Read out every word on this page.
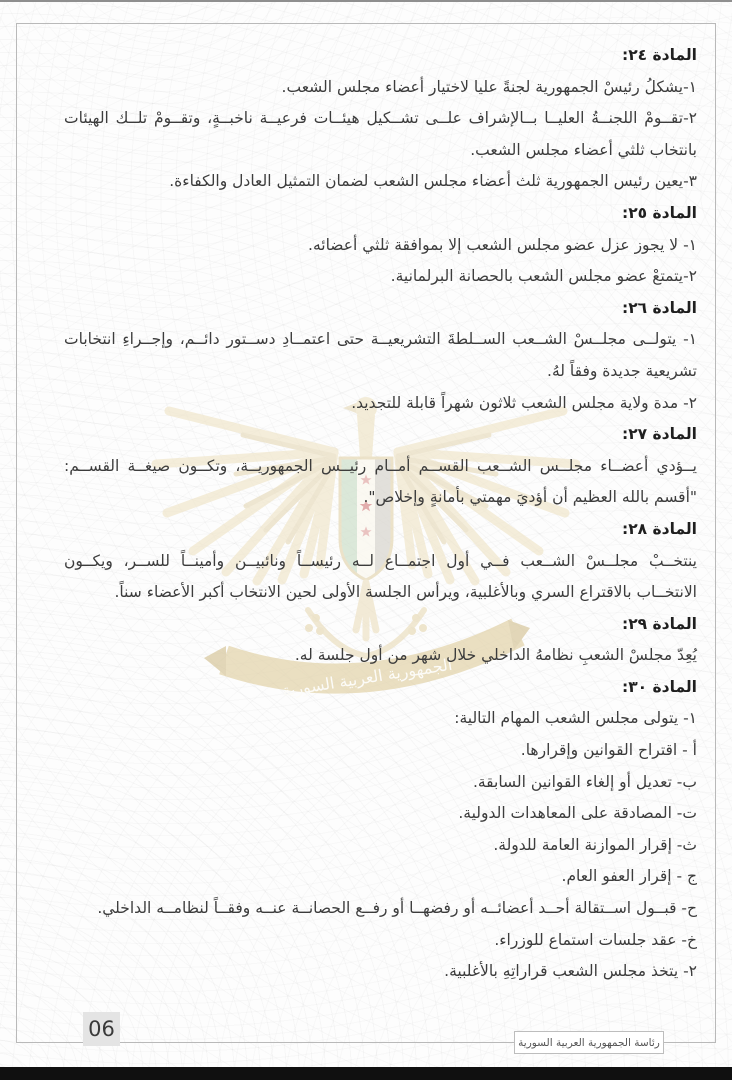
الجمهورية العربية السورية

المادة ٢٤:

١-يشكلُ رئيسْ الجمهورية لجنةً عليا لاختيار أعضاء مجلس الشعب.

٢-تقــومْ اللجنــةُ العليــا بــالإشراف علــى تشــكيل هيئــات فرعيــة ناخبــةٍ، وتقــومْ تلــك الهيئات بانتخاب ثلثي أعضاء مجلس الشعب.

٣-يعين رئيس الجمهورية ثلث أعضاء مجلس الشعب لضمان التمثيل العادل والكفاءة.

المادة ٢٥:

١- لا يجوز عزل عضو مجلس الشعب إلا بموافقة ثلثي أعضائه.

٢-يتمتعْ عضو مجلس الشعب بالحصانة البرلمانية.

المادة ٢٦:

١- يتولــى مجلــسْ الشــعب الســلطةَ التشريعيــة حتى اعتمــادِ دســتور دائــم، وإجــراءِ انتخابات تشريعية جديدة وفقاً لهُ.

٢- مدة ولاية مجلس الشعب ثلاثون شهراً قابلة للتجديد.

المادة ٢٧:

يــؤدي أعضــاء مجلــس الشــعب القســم أمــام رئيــس الجمهوريــة، وتكــون صيغــة القســم: "أقسم بالله العظيم أن أؤديَ مهمتي بأمانةٍ وإخلاص".

المادة ٢٨:

ينتخــبْ مجلــسْ الشــعب فــي أول اجتمــاع لــه رئيســاً ونائبيــن وأمينــاً للســر، ويكــون الانتخــاب بالاقتراع السري وبالأغلبية، ويرأس الجلسة الأولى لحين الانتخاب أكبر الأعضاء سناً.

المادة ٢٩:

يُعِدّ مجلسْ الشعبِ نظامهُ الداخلي خلال شهر من أول جلسة له.

المادة ٣٠:

١- يتولى مجلس الشعب المهام التالية:

أ - اقتراح القوانين وإقرارها.

ب- تعديل أو إلغاء القوانين السابقة.

ت- المصادقة على المعاهدات الدولية.

ث- إقرار الموازنة العامة للدولة.

ج - إقرار العفو العام.

ح- قبــول اســتقالة أحــد أعضائــه أو رفضهــا أو رفــع الحصانــة عنــه وفقــاً لنظامــه الداخلي.

خ- عقد جلسات استماع للوزراء.

٢- يتخذ مجلس الشعب قراراتِهِ بالأغلبية.

06
رئاسة الجمهورية العربية السورية
